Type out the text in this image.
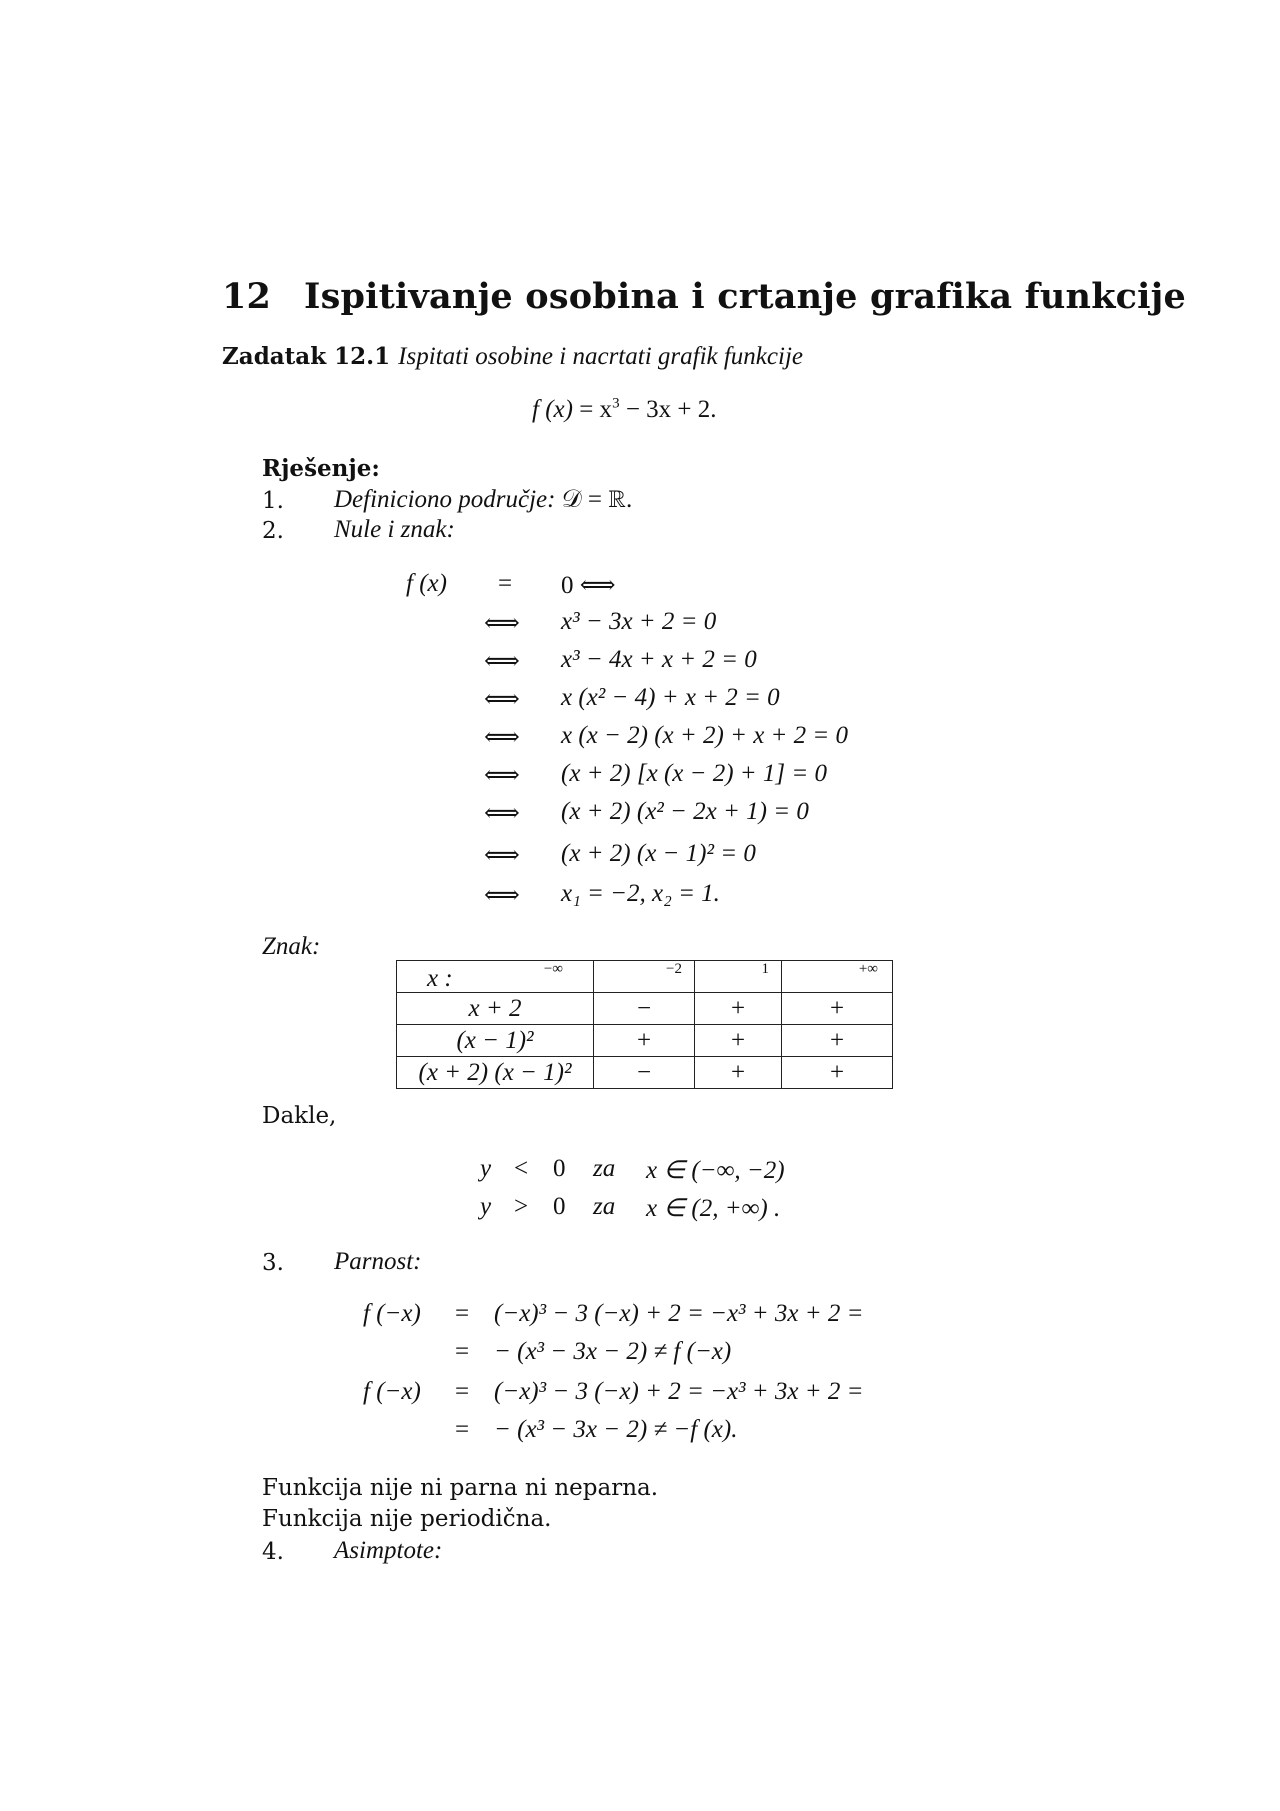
12 Ispitivanje osobina i crtanje grafika funkcije
Zadatak 12.1 Ispitati osobine i nacrtati grafik funkcije
f $(x) = x^3 - 3x + 2$.
Rješenje:
1. Definiciono područje: 𝒟 = ℝ.
2. Nule i znak:
f (x) = 0 ⟺
⟺ x³ − 3x + 2 = 0
⟺ x³ − 4x + x + 2 = 0
⟺ x (x² − 4) + x + 2 = 0
⟺ x (x − 2) (x + 2) + x + 2 = 0
⟺ (x + 2) [x (x − 2) + 1] = 0
⟺ (x + 2) (x² − 2x + 1) = 0
⟺ (x + 2) (x − 1)² = 0
⟺ x₁ = −2, x₂ = 1.
Znak:
x : −∞	−2	1	+∞

x + 2	−	+	+
(x − 1)²	+	+	+
(x + 2) (x − 1)²	−	+	+
Dakle,
y < 0 za x ∈ (−∞, −2)
y > 0 za x ∈ (2, +∞) .
3. Parnost:
f (−x) = (−x)³ − 3 (−x) + 2 = −x³ + 3x + 2 =
= − (x³ − 3x − 2) ≠ f (−x)
f (−x) = (−x)³ − 3 (−x) + 2 = −x³ + 3x + 2 =
= − (x³ − 3x − 2) ≠ −f (x).
Funkcija nije ni parna ni neparna.
Funkcija nije periodična.
4. Asimptote:
